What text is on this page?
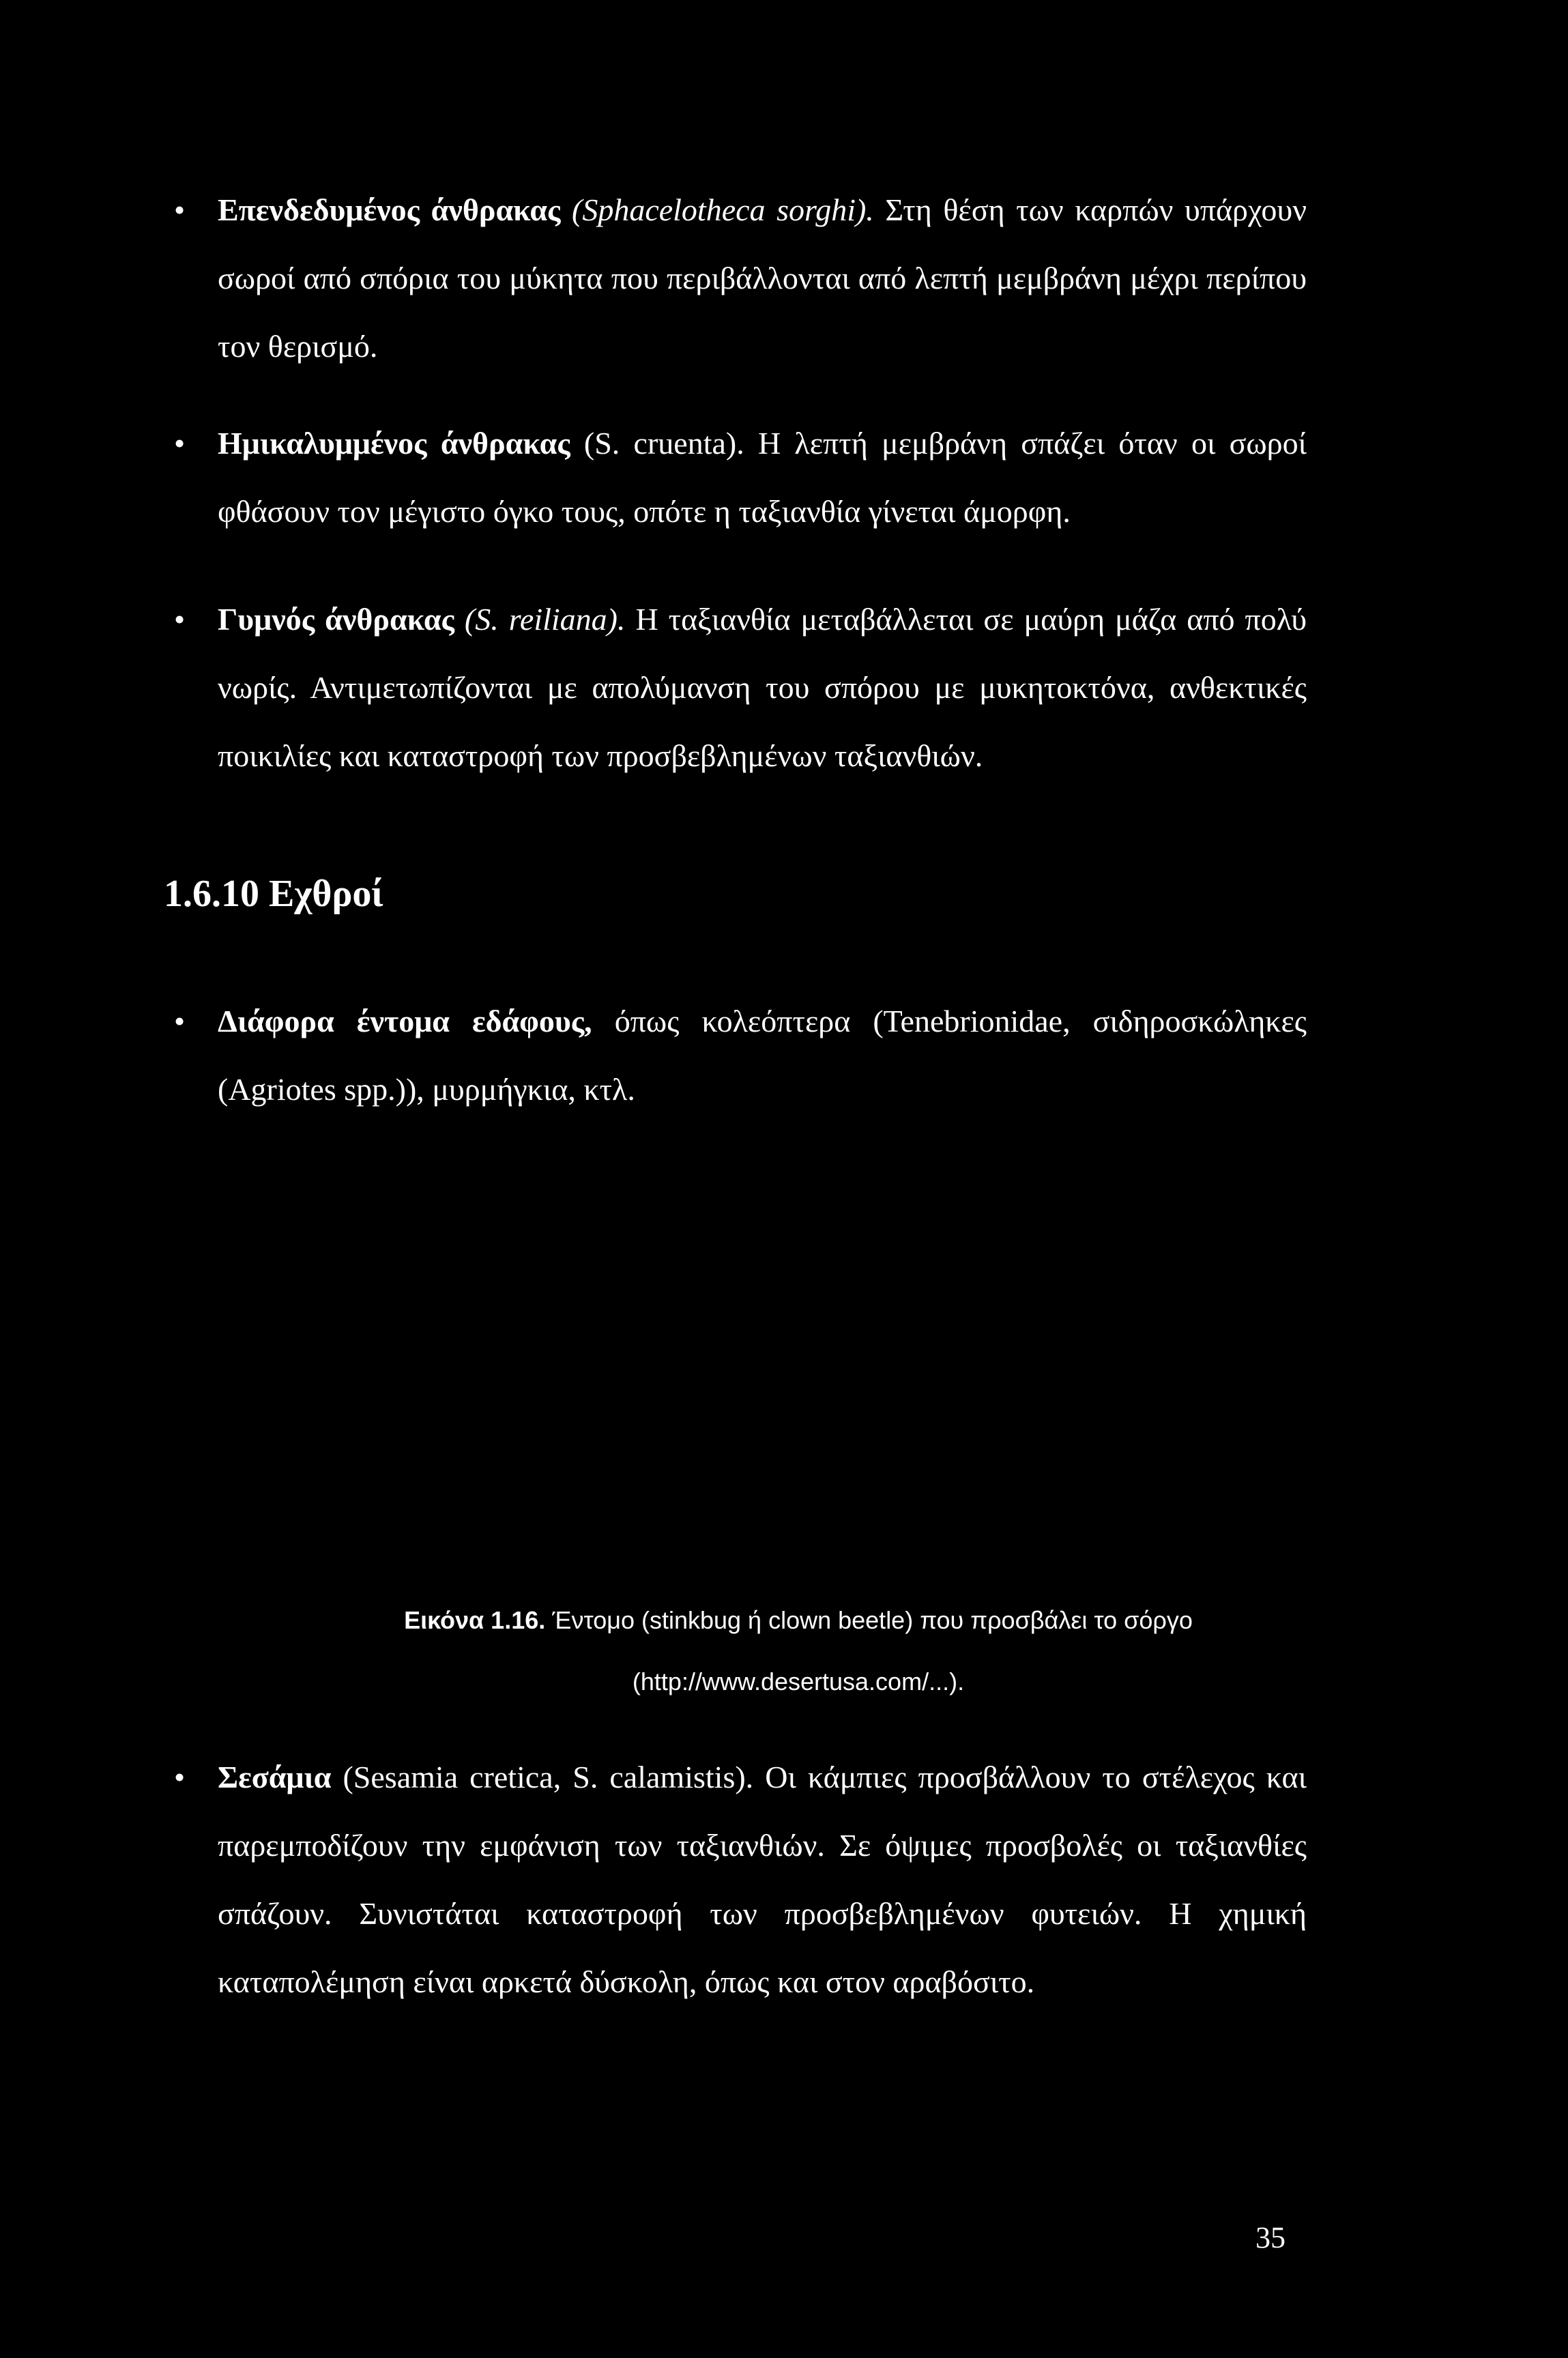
•	Επενδεδυμένος άνθρακας (Sphacelotheca sorghi). Στη θέση των καρπών υπάρχουν σωροί από σπόρια του μύκητα που περιβάλλονται από λεπτή μεμβράνη μέχρι περίπου τον θερισμό.
•	Ημικαλυμμένος άνθρακας (S. cruenta). Η λεπτή μεμβράνη σπάζει όταν οι σωροί φθάσουν τον μέγιστο όγκο τους, οπότε η ταξιανθία γίνεται άμορφη.
•	Γυμνός άνθρακας (S. reiliana). Η ταξιανθία μεταβάλλεται σε μαύρη μάζα από πολύ νωρίς. Αντιμετωπίζονται με απολύμανση του σπόρου με μυκητοκτόνα, ανθεκτικές ποικιλίες και καταστροφή των προσβεβλημένων ταξιανθιών.
1.6.10 Εχθροί
•	Διάφορα έντομα εδάφους, όπως κολεόπτερα (Tenebrionidae, σιδηροσκώληκες (Agriotes spp.)), μυρμήγκια, κτλ.
Εικόνα 1.16. Έντομο (stinkbug ή clown beetle) που προσβάλει το σόργο
(http://www.desertusa.com/...).
•	Σεσάμια (Sesamia cretica, S. calamistis). Οι κάμπιες προσβάλλουν το στέλεχος και παρεμποδίζουν την εμφάνιση των ταξιανθιών. Σε όψιμες προσβολές οι ταξιανθίες σπάζουν. Συνιστάται καταστροφή των προσβεβλημένων φυτειών. Η χημική καταπολέμηση είναι αρκετά δύσκολη, όπως και στον αραβόσιτο.
35
